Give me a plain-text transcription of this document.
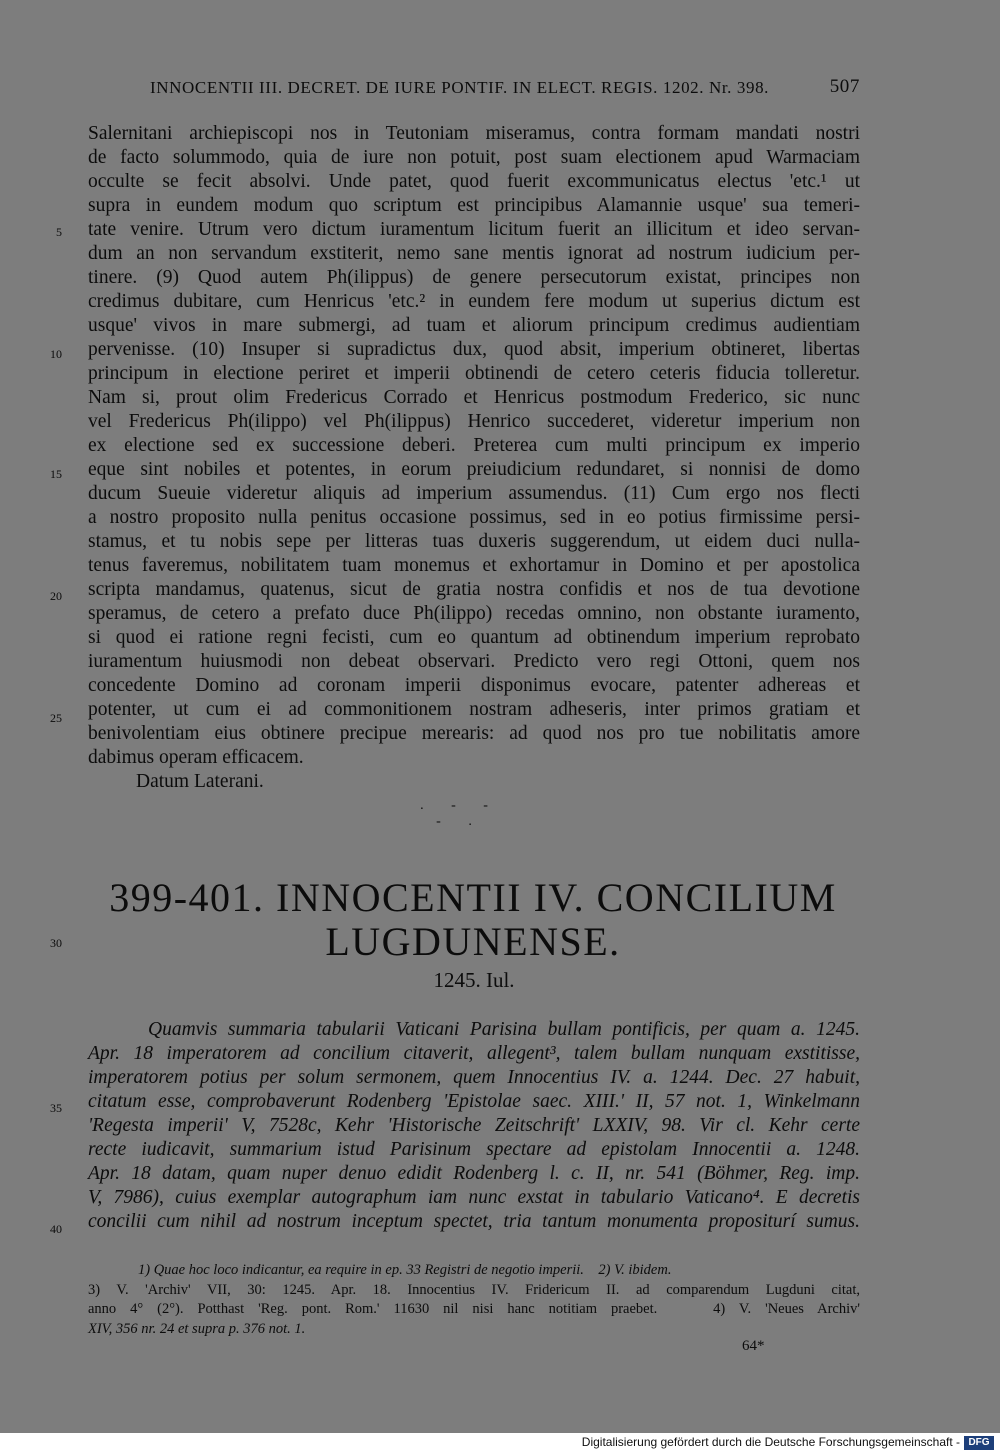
INNOCENTII III. DECRET. DE IURE PONTIF. IN ELECT. REGIS. 1202. Nr. 398.	507
Salernitani archiepiscopi nos in Teutoniam miseramus, contra formam mandati nostri
de facto solummodo, quia de iure non potuit, post suam electionem apud Warmaciam
occulte se fecit absolvi. Unde patet, quod fuerit excommunicatus electus 'etc.¹ ut
supra in eundem modum quo scriptum est principibus Alamannie usque' sua temeri-
tate venire. Utrum vero dictum iuramentum licitum fuerit an illicitum et ideo servan-
dum an non servandum exstiterit, nemo sane mentis ignorat ad nostrum iudicium per-
tinere. (9) Quod autem Ph(ilippus) de genere persecutorum existat, principes non
credimus dubitare, cum Henricus 'etc.² in eundem fere modum ut superius dictum est
usque' vivos in mare submergi, ad tuam et aliorum principum credimus audientiam
pervenisse. (10) Insuper si supradictus dux, quod absit, imperium obtineret, libertas
principum in electione periret et imperii obtinendi de cetero ceteris fiducia tolleretur.
Nam si, prout olim Fredericus Corrado et Henricus postmodum Frederico, sic nunc
vel Fredericus Ph(ilippo) vel Ph(ilippus) Henrico succederet, videretur imperium non
ex electione sed ex successione deberi. Preterea cum multi principum ex imperio
eque sint nobiles et potentes, in eorum preiudicium redundaret, si nonnisi de domo
ducum Sueuie videretur aliquis ad imperium assumendus. (11) Cum ergo nos flecti
a nostro proposito nulla penitus occasione possimus, sed in eo potius firmissime persi-
stamus, et tu nobis sepe per litteras tuas duxeris suggerendum, ut eidem duci nulla-
tenus faveremus, nobilitatem tuam monemus et exhortamur in Domino et per apostolica
scripta mandamus, quatenus, sicut de gratia nostra confidis et nos de tua devotione
speramus, de cetero a prefato duce Ph(ilippo) recedas omnino, non obstante iuramento,
si quod ei ratione regni fecisti, cum eo quantum ad obtinendum imperium reprobato
iuramentum huiusmodi non debeat observari. Predicto vero regi Ottoni, quem nos
concedente Domino ad coronam imperii disponimus evocare, patenter adhereas et
potenter, ut cum ei ad commonitionem nostram adheseris, inter primos gratiam et
benivolentiam eius obtinere precipue merearis: ad quod nos pro tue nobilitatis amore
dabimus operam efficacem.
Datum Laterani.
5
10
15
20
25
. - - - .
399-401. INNOCENTII IV. CONCILIUM
LUGDUNENSE.
30
1245. Iul.
Quamvis summaria tabularii Vaticani Parisina bullam pontificis, per quam a. 1245.
Apr. 18 imperatorem ad concilium citaverit, allegent³, talem bullam nunquam exstitisse,
imperatorem potius per solum sermonem, quem Innocentius IV. a. 1244. Dec. 27 habuit,
citatum esse, comprobaverunt Rodenberg 'Epistolae saec. XIII.' II, 57 not. 1, Winkelmann
'Regesta imperii' V, 7528c, Kehr 'Historische Zeitschrift' LXXIV, 98. Vir cl. Kehr certe
recte iudicavit, summarium istud Parisinum spectare ad epistolam Innocentii a. 1248.
Apr. 18 datam, quam nuper denuo edidit Rodenberg l. c. II, nr. 541 (Böhmer, Reg. imp.
V, 7986), cuius exemplar autographum iam nunc exstat in tabulario Vaticano⁴. E decretis
concilii cum nihil ad nostrum inceptum spectet, tria tantum monumenta propositurí sumus.
35
40
1) Quae hoc loco indicantur, ea require in ep. 33 Registri de negotio imperii.    2) V. ibidem.
3) V. 'Archiv' VII, 30: 1245. Apr. 18. Innocentius IV. Fridericum II. ad comparendum Lugduni citat,
anno 4° (2°). Potthast 'Reg. pont. Rom.' 11630 nil nisi hanc notitiam praebet.    4) V. 'Neues Archiv'
XIV, 356 nr. 24 et supra p. 376 not. 1.
64*
Digitalisierung gefördert durch die Deutsche Forschungsgemeinschaft - DFG
